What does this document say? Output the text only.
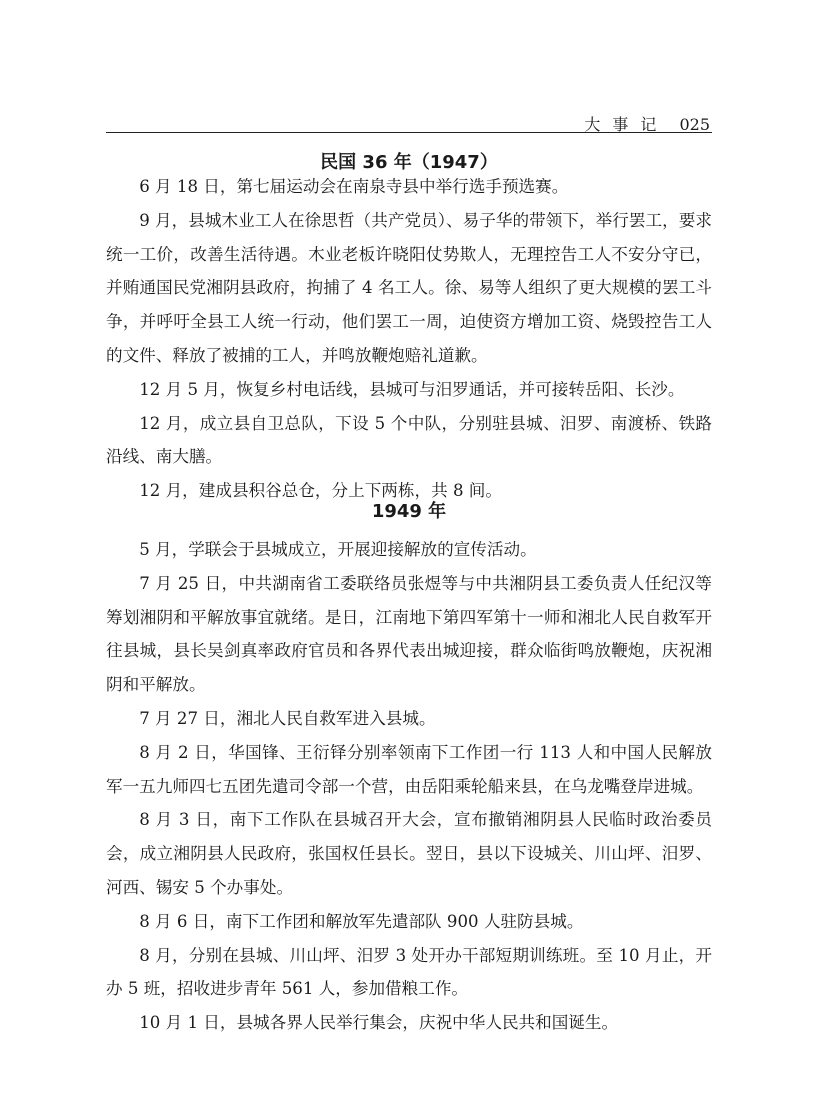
大事记 025
民国 36 年（1947）

6 月 18 日，第七届运动会在南泉寺县中举行选手预选赛。

9 月，县城木业工人在徐思哲（共产党员）、易子华的带领下，举行罢工，要求统一工价，改善生活待遇。木业老板许晓阳仗势欺人，无理控告工人不安分守已，并贿通国民党湘阴县政府，拘捕了 4 名工人。徐、易等人组织了更大规模的罢工斗争，并呼吁全县工人统一行动，他们罢工一周，迫使资方增加工资、烧毁控告工人的文件、释放了被捕的工人，并鸣放鞭炮赔礼道歉。

12 月 5 月，恢复乡村电话线，县城可与汨罗通话，并可接转岳阳、长沙。

12 月，成立县自卫总队，下设 5 个中队，分别驻县城、汨罗、南渡桥、铁路沿线、南大膳。

12 月，建成县积谷总仓，分上下两栋，共 8 间。

1949 年

5 月，学联会于县城成立，开展迎接解放的宣传活动。

7 月 25 日，中共湖南省工委联络员张煜等与中共湘阴县工委负责人任纪汉等筹划湘阴和平解放事宜就绪。是日，江南地下第四军第十一师和湘北人民自救军开往县城，县长吴剑真率政府官员和各界代表出城迎接，群众临街鸣放鞭炮，庆祝湘阴和平解放。

7 月 27 日，湘北人民自救军进入县城。

8 月 2 日，华国锋、王衍铎分别率领南下工作团一行 113 人和中国人民解放军一五九师四七五团先遣司令部一个营，由岳阳乘轮船来县，在乌龙嘴登岸进城。

8 月 3 日，南下工作队在县城召开大会，宣布撤销湘阴县人民临时政治委员会，成立湘阴县人民政府，张国权任县长。翌日，县以下设城关、川山坪、汨罗、河西、锡安 5 个办事处。

8 月 6 日，南下工作团和解放军先遣部队 900 人驻防县城。

8 月，分别在县城、川山坪、汨罗 3 处开办干部短期训练班。至 10 月止，开办 5 班，招收进步青年 561 人，参加借粮工作。

10 月 1 日，县城各界人民举行集会，庆祝中华人民共和国诞生。
